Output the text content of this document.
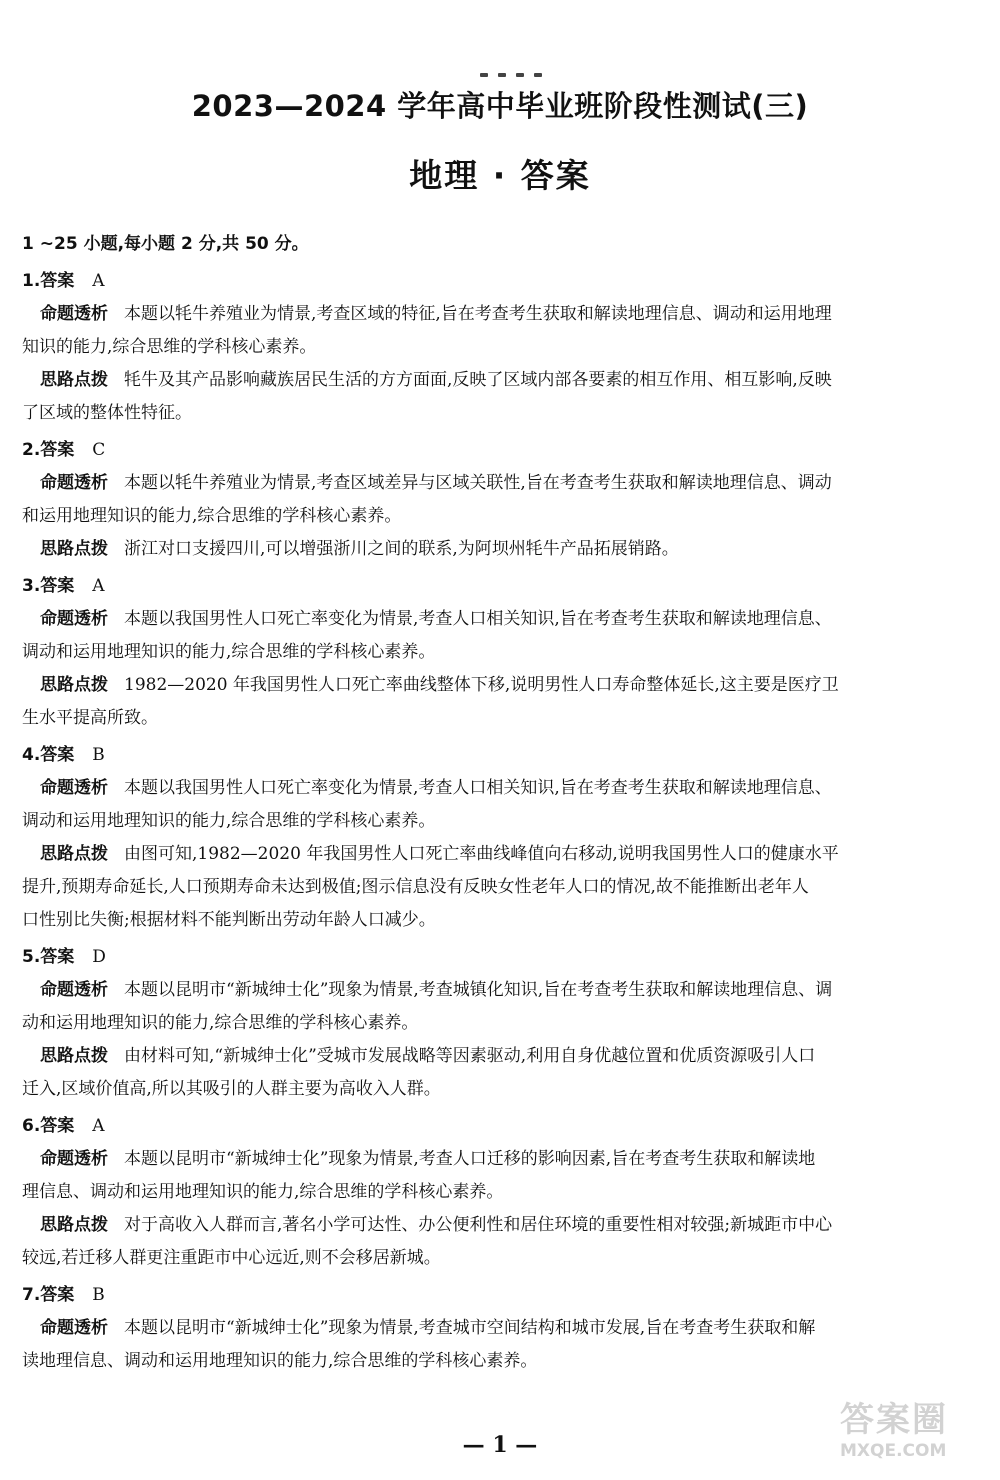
2023—2024 学年高中毕业班阶段性测试(三)
地理 · 答案
1 ~25 小题,每小题 2 分,共 50 分。
1.答案 A
命题透析 本题以牦牛养殖业为情景,考查区域的特征,旨在考查考生获取和解读地理信息、调动和运用地理
知识的能力,综合思维的学科核心素养。
思路点拨 牦牛及其产品影响藏族居民生活的方方面面,反映了区域内部各要素的相互作用、相互影响,反映
了区域的整体性特征。
2.答案 C
命题透析 本题以牦牛养殖业为情景,考查区域差异与区域关联性,旨在考查考生获取和解读地理信息、调动
和运用地理知识的能力,综合思维的学科核心素养。
思路点拨 浙江对口支援四川,可以增强浙川之间的联系,为阿坝州牦牛产品拓展销路。
3.答案 A
命题透析 本题以我国男性人口死亡率变化为情景,考查人口相关知识,旨在考查考生获取和解读地理信息、
调动和运用地理知识的能力,综合思维的学科核心素养。
思路点拨 1982—2020 年我国男性人口死亡率曲线整体下移,说明男性人口寿命整体延长,这主要是医疗卫
生水平提高所致。
4.答案 B
命题透析 本题以我国男性人口死亡率变化为情景,考查人口相关知识,旨在考查考生获取和解读地理信息、
调动和运用地理知识的能力,综合思维的学科核心素养。
思路点拨 由图可知,1982—2020 年我国男性人口死亡率曲线峰值向右移动,说明我国男性人口的健康水平
提升,预期寿命延长,人口预期寿命未达到极值;图示信息没有反映女性老年人口的情况,故不能推断出老年人
口性别比失衡;根据材料不能判断出劳动年龄人口减少。
5.答案 D
命题透析 本题以昆明市“新城绅士化”现象为情景,考查城镇化知识,旨在考查考生获取和解读地理信息、调
动和运用地理知识的能力,综合思维的学科核心素养。
思路点拨 由材料可知,“新城绅士化”受城市发展战略等因素驱动,利用自身优越位置和优质资源吸引人口
迁入,区域价值高,所以其吸引的人群主要为高收入人群。
6.答案 A
命题透析 本题以昆明市“新城绅士化”现象为情景,考查人口迁移的影响因素,旨在考查考生获取和解读地
理信息、调动和运用地理知识的能力,综合思维的学科核心素养。
思路点拨 对于高收入人群而言,著名小学可达性、办公便利性和居住环境的重要性相对较强;新城距市中心
较远,若迁移人群更注重距市中心远近,则不会移居新城。
7.答案 B
命题透析 本题以昆明市“新城绅士化”现象为情景,考查城市空间结构和城市发展,旨在考查考生获取和解
读地理信息、调动和运用地理知识的能力,综合思维的学科核心素养。
— 1 —
答案圈
MXQE.COM
